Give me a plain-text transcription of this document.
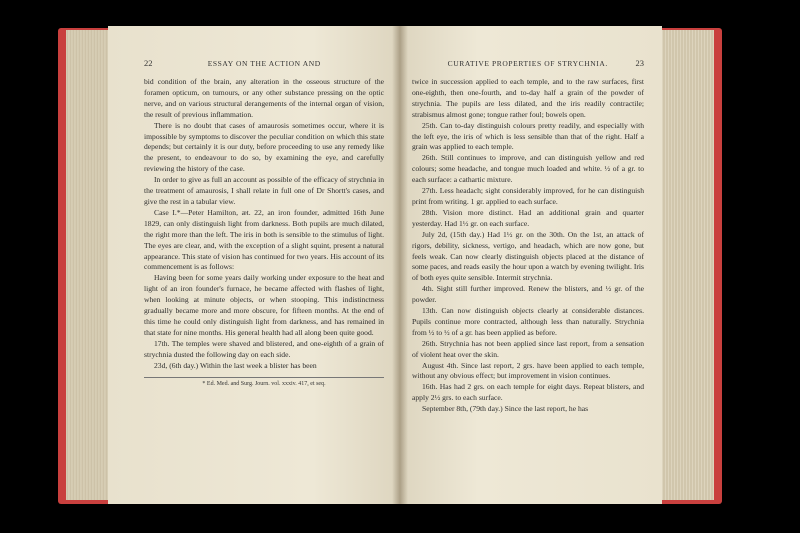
22	ESSAY ON THE ACTION AND

bid condition of the brain, any alteration in the osseous structure of the foramen opticum, on tumours, or any other substance pressing on the optic nerve, and on various structural derangements of the internal organ of vision, the result of previous inflammation.

There is no doubt that cases of amaurosis sometimes occur, where it is impossible by symptoms to discover the peculiar condition on which this state depends; but certainly it is our duty, before proceeding to use any remedy like the present, to endeavour to do so, by examining the eye, and carefully reviewing the history of the case.

In order to give as full an account as possible of the efficacy of strychnia in the treatment of amaurosis, I shall relate in full one of Dr Shortt's cases, and give the rest in a tabular view.

Case I.*—Peter Hamilton, æt. 22, an iron founder, admitted 16th June 1829, can only distinguish light from darkness. Both pupils are much dilated, the right more than the left. The iris in both is sensible to the stimulus of light. The eyes are clear, and, with the exception of a slight squint, present a natural appearance. This state of vision has continued for two years. His account of its commencement is as follows:

Having been for some years daily working under exposure to the heat and light of an iron founder's furnace, he became affected with flashes of light, when looking at minute objects, or when stooping. This indistinctness gradually became more and more obscure, for fifteen months. At the end of this time he could only distinguish light from darkness, and has remained in that state for nine months. His general health had all along been quite good.

17th. The temples were shaved and blistered, and one-eighth of a grain of strychnia dusted the following day on each side.

23d, (6th day.) Within the last week a blister has been

* Ed. Med. and Surg. Journ. vol. xxxiv. 417, et seq.
CURATIVE PROPERTIES OF STRYCHNIA.	23

twice in succession applied to each temple, and to the raw surfaces, first one-eighth, then one-fourth, and to-day half a grain of the powder of strychnia. The pupils are less dilated, and the iris readily contractile; strabismus almost gone; tongue rather foul; bowels open.

25th. Can to-day distinguish colours pretty readily, and especially with the left eye, the iris of which is less sensible than that of the right. Half a grain was applied to each temple.

26th. Still continues to improve, and can distinguish yellow and red colours; some headache, and tongue much loaded and white. ½ of a gr. to each surface: a cathartic mixture.

27th. Less headach; sight considerably improved, for he can distinguish print from writing. 1 gr. applied to each surface.

28th. Vision more distinct. Had an additional grain and quarter yesterday. Had 1½ gr. on each surface.

July 2d, (15th day.) Had 1½ gr. on the 30th. On the 1st, an attack of rigors, debility, sickness, vertigo, and headach, which are now gone, but feels weak. Can now clearly distinguish objects placed at the distance of some paces, and reads easily the hour upon a watch by evening twilight. Iris of both eyes quite sensible. Intermit strychnia.

4th. Sight still further improved. Renew the blisters, and ½ gr. of the powder.

13th. Can now distinguish objects clearly at considerable distances. Pupils continue more contracted, although less than naturally. Strychnia from ½ to ½ of a gr. has been applied as before.

26th. Strychnia has not been applied since last report, from a sensation of violent heat over the skin.

August 4th. Since last report, 2 grs. have been applied to each temple, without any obvious effect; but improvement in vision continues.

16th. Has had 2 grs. on each temple for eight days. Repeat blisters, and apply 2½ grs. to each surface.

September 8th, (79th day.) Since the last report, he has
